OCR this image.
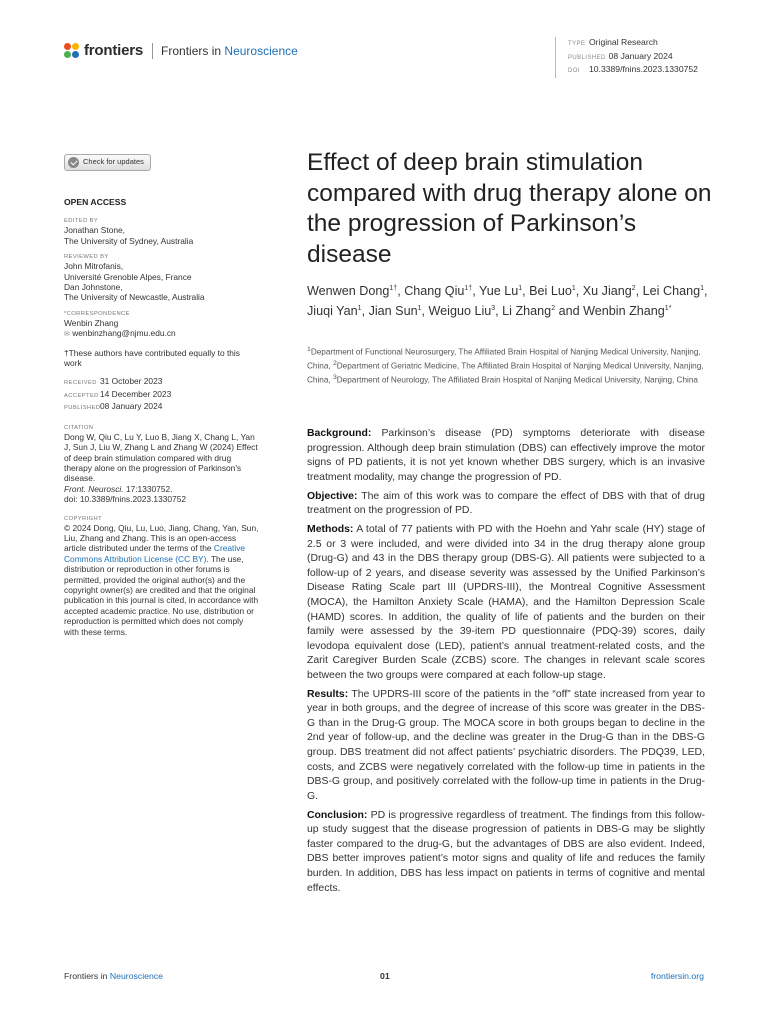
frontiers Frontiers in Neuroscience	TYPE Original Research
PUBLISHED 08 January 2024
DOI 10.3389/fnins.2023.1330752
Check for updates
OPEN ACCESS
EDITED BY
Jonathan Stone,
The University of Sydney, Australia
REVIEWED BY
John Mitrofanis,
Université Grenoble Alpes, France
Dan Johnstone,
The University of Newcastle, Australia
*CORRESPONDENCE
Wenbin Zhang
✉ wenbinzhang@njmu.edu.cn
†These authors have contributed equally to this work
RECEIVED 31 October 2023
ACCEPTED14 December 2023
PUBLISHED08 January 2024
CITATION
Dong W, Qiu C, Lu Y, Luo B, Jiang X, Chang L, Yan J, Sun J, Liu W, Zhang L and Zhang W (2024) Effect of deep brain stimulation compared with drug therapy alone on the progression of Parkinson's disease.
Front. Neurosci. 17:1330752.
doi: 10.3389/fnins.2023.1330752
COPYRIGHT
© 2024 Dong, Qiu, Lu, Luo, Jiang, Chang, Yan, Sun, Liu, Zhang and Zhang. This is an open-access article distributed under the terms of the Creative Commons Attribution License (CC BY). The use, distribution or reproduction in other forums is permitted, provided the original author(s) and the copyright owner(s) are credited and that the original publication in this journal is cited, in accordance with accepted academic practice. No use, distribution or reproduction is permitted which does not comply with these terms.
Effect of deep brain stimulation compared with drug therapy alone on the progression of Parkinson’s disease
Wenwen Dong$^{1\dagger}$, Chang Qiu$^{1\dagger}$, Yue Lu$^1$, Bei Luo$^1$, Xu Jiang$^2$, Lei Chang$^1$, Jiuqi Yan$^1$, Jian Sun$^1$, Weiguo Liu$^3$, Li Zhang$^2$ and Wenbin Zhang$^{1*}$
$^1$Department of Functional Neurosurgery, The Affiliated Brain Hospital of Nanjing Medical University, Nanjing, China, $^2$Department of Geriatric Medicine, The Affiliated Brain Hospital of Nanjing Medical University, Nanjing, China, $^3$Department of Neurology, The Affiliated Brain Hospital of Nanjing Medical University, Nanjing, China

Background: Parkinson’s disease (PD) symptoms deteriorate with disease progression. Although deep brain stimulation (DBS) can effectively improve the motor signs of PD patients, it is not yet known whether DBS surgery, which is an invasive treatment modality, may change the progression of PD.

Objective: The aim of this work was to compare the effect of DBS with that of drug treatment on the progression of PD.

Methods: A total of 77 patients with PD with the Hoehn and Yahr scale (HY) stage of 2.5 or 3 were included, and were divided into 34 in the drug therapy alone group (Drug-G) and 43 in the DBS therapy group (DBS-G). All patients were subjected to a follow-up of 2 years, and disease severity was assessed by the Unified Parkinson’s Disease Rating Scale part III (UPDRS-III), the Montreal Cognitive Assessment (MOCA), the Hamilton Anxiety Scale (HAMA), and the Hamilton Depression Scale (HAMD) scores. In addition, the quality of life of patients and the burden on their family were assessed by the 39-item PD questionnaire (PDQ-39) scores, daily levodopa equivalent dose (LED), patient’s annual treatment-related costs, and the Zarit Caregiver Burden Scale (ZCBS) score. The changes in relevant scale scores between the two groups were compared at each follow-up stage.

Results: The UPDRS-III score of the patients in the “off” state increased from year to year in both groups, and the degree of increase of this score was greater in the DBS-G than in the Drug-G group. The MOCA score in both groups began to decline in the 2nd year of follow-up, and the decline was greater in the Drug-G than in the DBS-G group. DBS treatment did not affect patients’ psychiatric disorders. The PDQ39, LED, costs, and ZCBS were negatively correlated with the follow-up time in patients in the DBS-G group, and positively correlated with the follow-up time in patients in the Drug-G.

Conclusion: PD is progressive regardless of treatment. The findings from this follow-up study suggest that the disease progression of patients in DBS-G may be slightly faster compared to the drug-G, but the advantages of DBS are also evident. Indeed, DBS better improves patient’s motor signs and quality of life and reduces the family burden. In addition, DBS has less impact on patients in terms of cognitive and mental effects.

Frontiers in Neuroscience	01	frontiersin.org
